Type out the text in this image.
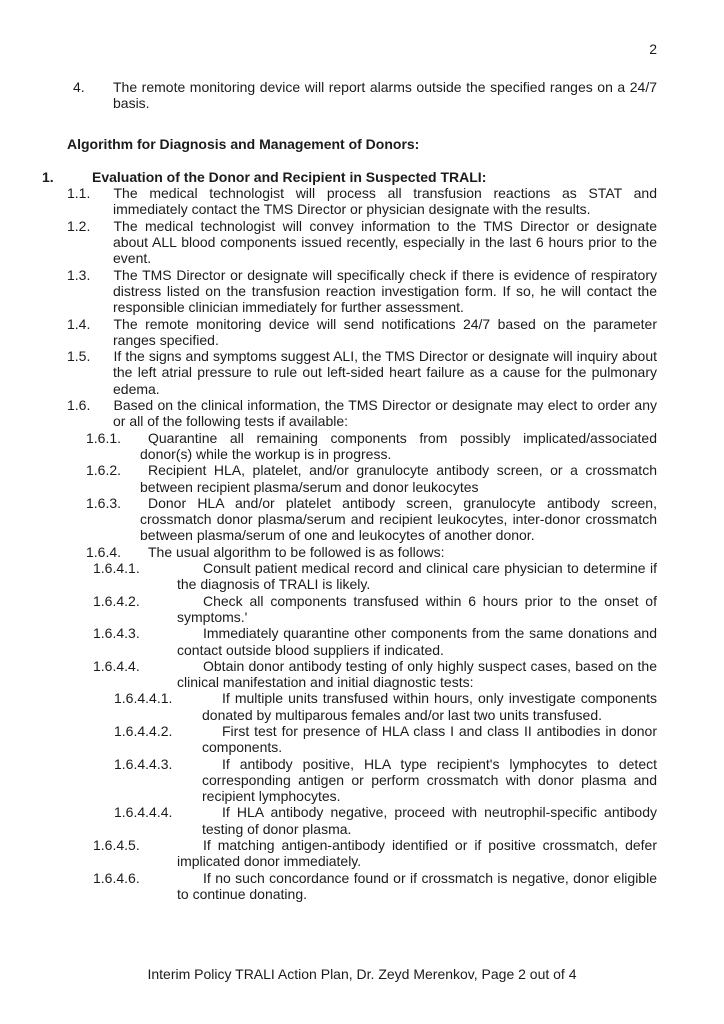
2

4. The remote monitoring device will report alarms outside the specified ranges on a 24/7 basis.

Algorithm for Diagnosis and Management of Donors:

1.	Evaluation of the Donor and Recipient in Suspected TRALI:

1.1. The medical technologist will process all transfusion reactions as STAT and immediately contact the TMS Director or physician designate with the results.

1.2. The medical technologist will convey information to the TMS Director or designate about ALL blood components issued recently, especially in the last 6 hours prior to the event.

1.3. The TMS Director or designate will specifically check if there is evidence of respiratory distress listed on the transfusion reaction investigation form. If so, he will contact the responsible clinician immediately for further assessment.

1.4. The remote monitoring device will send notifications 24/7 based on the parameter ranges specified.

1.5. If the signs and symptoms suggest ALI, the TMS Director or designate will inquiry about the left atrial pressure to rule out left-sided heart failure as a cause for the pulmonary edema.

1.6. Based on the clinical information, the TMS Director or designate may elect to order any or all of the following tests if available:

1.6.1. Quarantine all remaining components from possibly implicated/associated donor(s) while the workup is in progress.

1.6.2. Recipient HLA, platelet, and/or granulocyte antibody screen, or a crossmatch between recipient plasma/serum and donor leukocytes

1.6.3. Donor HLA and/or platelet antibody screen, granulocyte antibody screen, crossmatch donor plasma/serum and recipient leukocytes, inter-donor crossmatch between plasma/serum of one and leukocytes of another donor.

1.6.4. The usual algorithm to be followed is as follows:

1.6.4.1.	Consult patient medical record and clinical care physician to determine if the diagnosis of TRALI is likely.

1.6.4.2.	Check all components transfused within 6 hours prior to the onset of symptoms.'

1.6.4.3.	Immediately quarantine other components from the same donations and contact outside blood suppliers if indicated.

1.6.4.4.	Obtain donor antibody testing of only highly suspect cases, based on the clinical manifestation and initial diagnostic tests:

1.6.4.4.1.	If multiple units transfused within hours, only investigate components donated by multiparous females and/or last two units transfused.

1.6.4.4.2.	First test for presence of HLA class I and class II antibodies in donor components.

1.6.4.4.3.	If antibody positive, HLA type recipient's lymphocytes to detect corresponding antigen or perform crossmatch with donor plasma and recipient lymphocytes.

1.6.4.4.4.	If HLA antibody negative, proceed with neutrophil-specific antibody testing of donor plasma.

1.6.4.5.	If matching antigen-antibody identified or if positive crossmatch, defer implicated donor immediately.

1.6.4.6.	If no such concordance found or if crossmatch is negative, donor eligible to continue donating.

Interim Policy TRALI Action Plan, Dr. Zeyd Merenkov, Page 2 out of 4
